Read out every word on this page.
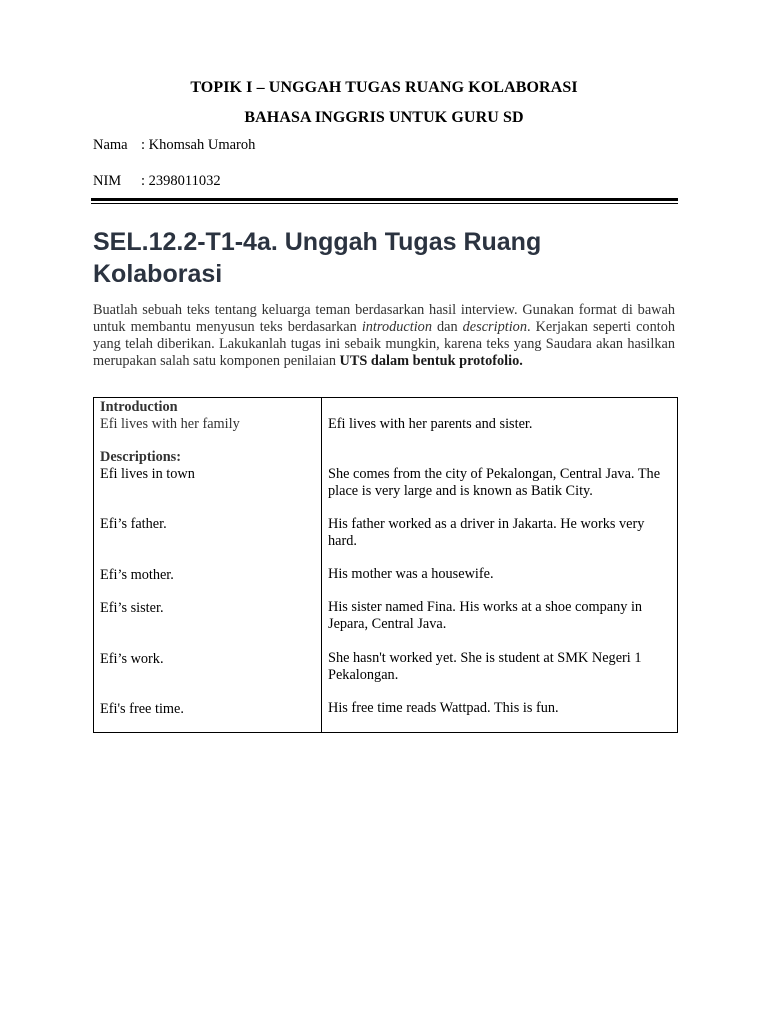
TOPIK I – UNGGAH TUGAS RUANG KOLABORASI
BAHASA INGGRIS UNTUK GURU SD
Nama : Khomsah Umaroh
NIM : 2398011032
SEL.12.2-T1-4a. Unggah Tugas Ruang Kolaborasi
Buatlah sebuah teks tentang keluarga teman berdasarkan hasil interview. Gunakan format di bawah untuk membantu menyusun teks berdasarkan introduction dan description. Kerjakan seperti contoh yang telah diberikan. Lakukanlah tugas ini sebaik mungkin, karena teks yang Saudara akan hasilkan merupakan salah satu komponen penilaian UTS dalam bentuk protofolio.
Introduction
Efi lives with her family	Efi lives with her parents and sister.
Descriptions:
Efi lives in town	She comes from the city of Pekalongan, Central Java. The place is very large and is known as Batik City.
Efi’s father.	His father worked as a driver in Jakarta. He works very hard.
Efi’s mother.	His mother was a housewife.
Efi’s sister.	His sister named Fina. His works at a shoe company in Jepara, Central Java.
Efi’s work.	She hasn't worked yet. She is student at SMK Negeri 1 Pekalongan.
Efi's free time.	His free time reads Wattpad. This is fun.
